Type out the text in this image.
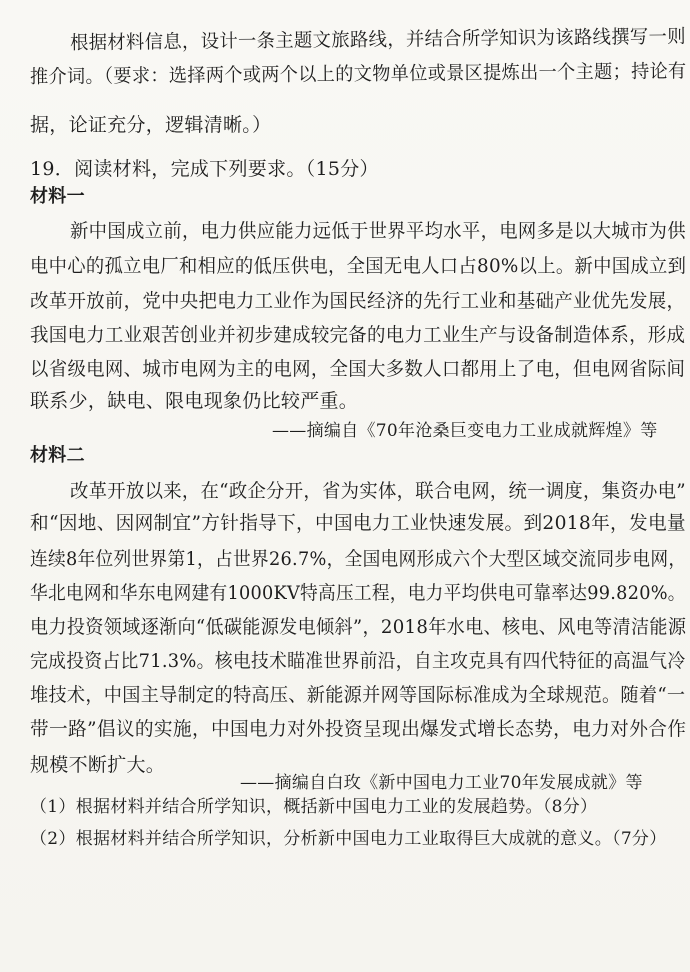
根据材料信息，设计一条主题文旅路线，并结合所学知识为该路线撰写一则
推介词。（要求：选择两个或两个以上的文物单位或景区提炼出一个主题；持论有
据，论证充分，逻辑清晰。）
19．阅读材料，完成下列要求。（15分）
材料一
新中国成立前，电力供应能力远低于世界平均水平，电网多是以大城市为供
电中心的孤立电厂和相应的低压供电，全国无电人口占80%以上。新中国成立到
改革开放前，党中央把电力工业作为国民经济的先行工业和基础产业优先发展，
我国电力工业艰苦创业并初步建成较完备的电力工业生产与设备制造体系，形成
以省级电网、城市电网为主的电网，全国大多数人口都用上了电，但电网省际间
联系少，缺电、限电现象仍比较严重。
——摘编自《70年沧桑巨变电力工业成就辉煌》等
材料二
改革开放以来，在“政企分开，省为实体，联合电网，统一调度，集资办电”
和“因地、因网制宜”方针指导下，中国电力工业快速发展。到2018年，发电量
连续8年位列世界第1，占世界26.7%，全国电网形成六个大型区域交流同步电网，
华北电网和华东电网建有1000KV特高压工程，电力平均供电可靠率达99.820%。
电力投资领域逐渐向“低碳能源发电倾斜”，2018年水电、核电、风电等清洁能源
完成投资占比71.3%。核电技术瞄准世界前沿，自主攻克具有四代特征的高温气冷
堆技术，中国主导制定的特高压、新能源并网等国际标准成为全球规范。随着“一
带一路”倡议的实施，中国电力对外投资呈现出爆发式增长态势，电力对外合作
规模不断扩大。
——摘编自白玫《新中国电力工业70年发展成就》等
（1）根据材料并结合所学知识，概括新中国电力工业的发展趋势。（8分）
（2）根据材料并结合所学知识，分析新中国电力工业取得巨大成就的意义。（7分）
